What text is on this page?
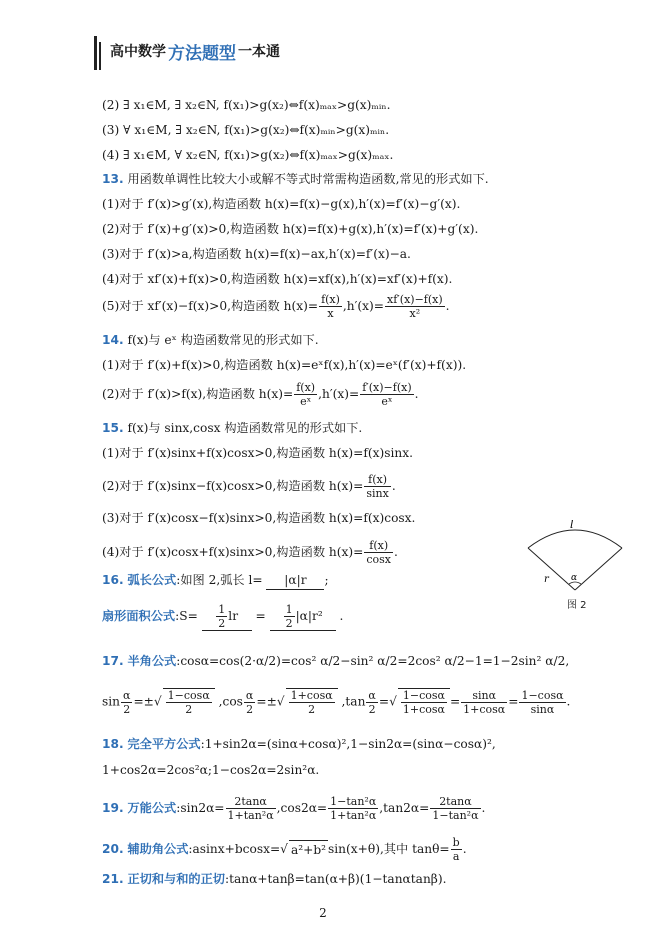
高中数学 方法题型 一本通
(2) ∃ x₁∈M, ∃ x₂∈N, f(x₁)>g(x₂)⇔f(x)ₘₐₓ>g(x)ₘᵢₙ.
(3) ∀ x₁∈M, ∃ x₂∈N, f(x₁)>g(x₂)⇔f(x)ₘᵢₙ>g(x)ₘᵢₙ.
(4) ∃ x₁∈M, ∀ x₂∈N, f(x₁)>g(x₂)⇔f(x)ₘₐₓ>g(x)ₘₐₓ.
13. 用函数单调性比较大小或解不等式时常需构造函数,常见的形式如下.
(1)对于 f′(x)>g′(x),构造函数 h(x)=f(x)−g(x),h′(x)=f′(x)−g′(x).
(2)对于 f′(x)+g′(x)>0,构造函数 h(x)=f(x)+g(x),h′(x)=f′(x)+g′(x).
(3)对于 f′(x)>a,构造函数 h(x)=f(x)−ax,h′(x)=f′(x)−a.
(4)对于 xf′(x)+f(x)>0,构造函数 h(x)=xf(x),h′(x)=xf′(x)+f(x).
(5)对于 xf′(x)−f(x)>0,构造函数 $h(x)= \frac{f(x)}{x} ,h'(x)= \frac{xf'(x)-f(x)}{\text{x²}}$ .
14. f(x)与 eˣ 构造函数常见的形式如下.
(1)对于 f′(x)+f(x)>0,构造函数 h(x)=eˣf(x),h′(x)=eˣ(f′(x)+f(x)).
(2)对于 f′(x)>f(x),构造函数 $h(x)= \frac{f(x)}{\text{eˣ}} ,h'(x)= \frac{f'(x)-f(x)}{\text{eˣ}}$ .
15. f(x)与 sinx,cosx 构造函数常见的形式如下.
(1)对于 f′(x)sinx+f(x)cosx>0,构造函数 h(x)=f(x)sinx.
(2)对于 f′(x)sinx−f(x)cosx>0,构造函数 $h(x)= \frac{f(x)}{\sin x}$ .
(3)对于 f′(x)cosx−f(x)sinx>0,构造函数 h(x)=f(x)cosx.
(4)对于 f′(x)cosx+f(x)sinx>0,构造函数 $h(x)= \frac{f(x)}{\cos x}$ .
l
r α
图 2
16. 弧长公式:如图 2,弧长 l= |α|r ;
扇形面积公式:S= $\frac{1}{2}$ lr = $\frac{1}{2} |\alpha|r^2$ .
17. 半角公式:cosα=cos(2·α/2)=cos² α/2−sin² α/2=2cos² α/2−1=1−2sin² α/2,
$\sin \frac{\alpha}{2}$ =±√ $\frac{1-\cos\alpha}{2} ,\cos \frac{\alpha}{2}$ =±√ $\frac{1+\cos\alpha}{2} ,\tan \frac{\alpha}{2}$ =√ $\frac{1-\cos\alpha}{1+\cos\alpha} = \frac{\sin\alpha}{1+\cos\alpha} = \frac{1-\cos\alpha}{\sin\alpha}$ .
18. 完全平方公式:1+sin2α=(sinα+cosα)²,1−sin2α=(sinα−cosα)²,
1+cos2α=2cos²α;1−cos2α=2sin²α.
19. 万能公式:sin2α= $\frac{2\tan\alpha}{\text{1+tan²α}} ,\cos 2\alpha= \frac{\text{1−tan²α}}{\text{1+tan²α}} ,\tan 2\alpha= \frac{2\tan\alpha}{\text{1−tan²α}}$ .
20. 辅助角公式:asinx+bcosx=√ a²+b² sin(x+θ),其中 $\tan\theta= \frac{b}{a}$ .
21. 正切和与和的正切:tanα+tanβ=tan(α+β)(1−tanαtanβ).
2
